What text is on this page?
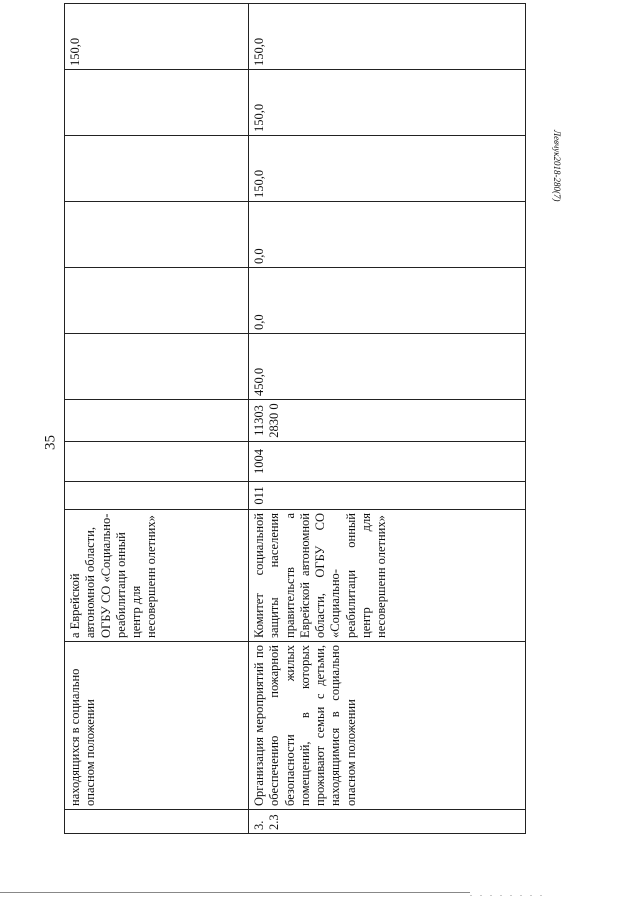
35
Левчук2018-280(7)
	находящихся в социально опасном положении	а Еврейской автономной области, ОГБУ СО «Социально-реабилитаци онный центр для несовершенн олетних»									150,0
3.2.3	Организация мероприятий по обеспечению пожарной безопасности жилых помещений, в которых проживают семьи с детьми, находящимися в социально опасном положении	Комитет социальной защиты населения правительств а Еврейской автономной области, ОГБУ СО «Социально-реабилитаци онный центр для несовершенн олетних»	011	1004	113032830 0	450,0	0,0	0,0	150,0	150,0	150,0
. . . . . . . .
